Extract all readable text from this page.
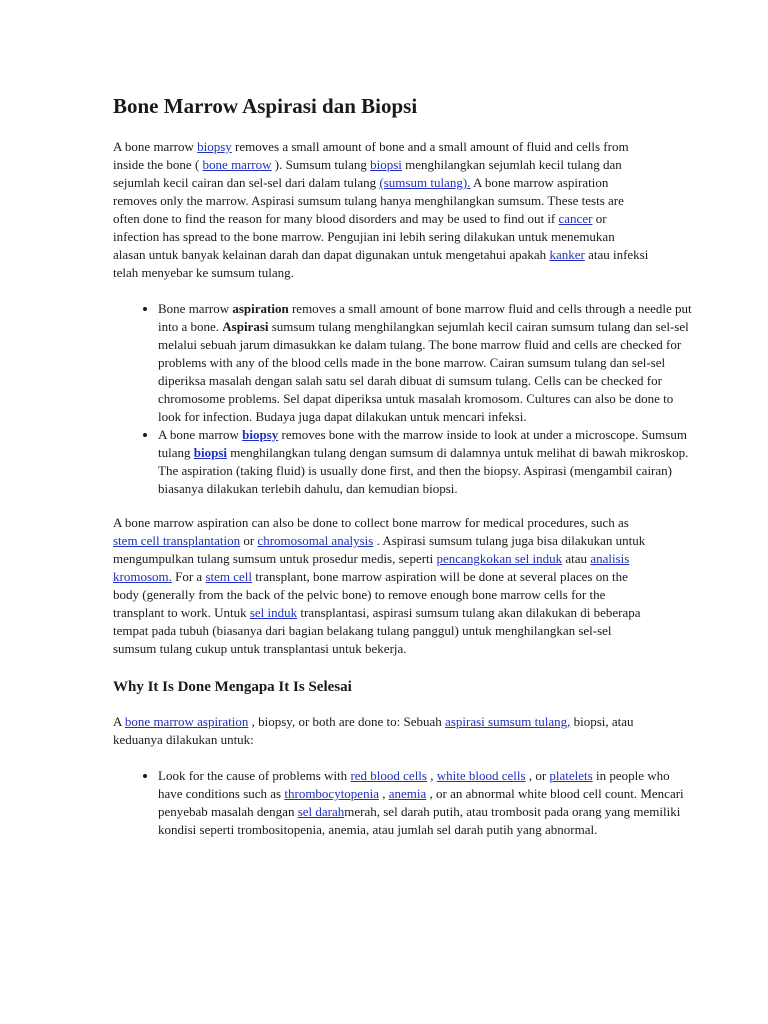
Bone Marrow Aspirasi dan Biopsi

A bone marrow biopsy removes a small amount of bone and a small amount of fluid and cells from inside the bone ( bone marrow ). Sumsum tulang biopsi menghilangkan sejumlah kecil tulang dan sejumlah kecil cairan dan sel-sel dari dalam tulang (sumsum tulang). A bone marrow aspiration removes only the marrow. Aspirasi sumsum tulang hanya menghilangkan sumsum. These tests are often done to find the reason for many blood disorders and may be used to find out if cancer or infection has spread to the bone marrow. Pengujian ini lebih sering dilakukan untuk menemukan alasan untuk banyak kelainan darah dan dapat digunakan untuk mengetahui apakah kanker atau infeksi telah menyebar ke sumsum tulang.

• Bone marrow aspiration removes a small amount of bone marrow fluid and cells through a needle put into a bone. Aspirasi sumsum tulang menghilangkan sejumlah kecil cairan sumsum tulang dan sel-sel melalui sebuah jarum dimasukkan ke dalam tulang. The bone marrow fluid and cells are checked for problems with any of the blood cells made in the bone marrow. Cairan sumsum tulang dan sel-sel diperiksa masalah dengan salah satu sel darah dibuat di sumsum tulang. Cells can be checked for chromosome problems. Sel dapat diperiksa untuk masalah kromosom. Cultures can also be done to look for infection. Budaya juga dapat dilakukan untuk mencari infeksi.
• A bone marrow biopsy removes bone with the marrow inside to look at under a microscope. Sumsum tulang biopsi menghilangkan tulang dengan sumsum di dalamnya untuk melihat di bawah mikroskop. The aspiration (taking fluid) is usually done first, and then the biopsy. Aspirasi (mengambil cairan) biasanya dilakukan terlebih dahulu, dan kemudian biopsi.

A bone marrow aspiration can also be done to collect bone marrow for medical procedures, such as stem cell transplantation or chromosomal analysis . Aspirasi sumsum tulang juga bisa dilakukan untuk mengumpulkan tulang sumsum untuk prosedur medis, seperti pencangkokan sel induk atau analisis kromosom. For a stem cell transplant, bone marrow aspiration will be done at several places on the body (generally from the back of the pelvic bone) to remove enough bone marrow cells for the transplant to work. Untuk sel induk transplantasi, aspirasi sumsum tulang akan dilakukan di beberapa tempat pada tubuh (biasanya dari bagian belakang tulang panggul) untuk menghilangkan sel-sel sumsum tulang cukup untuk transplantasi untuk bekerja.

Why It Is Done Mengapa It Is Selesai

A bone marrow aspiration , biopsy, or both are done to: Sebuah aspirasi sumsum tulang, biopsi, atau keduanya dilakukan untuk:

• Look for the cause of problems with red blood cells , white blood cells , or platelets in people who have conditions such as thrombocytopenia , anemia , or an abnormal white blood cell count. Mencari penyebab masalah dengan sel darahmerah, sel darah putih, atau trombosit pada orang yang memiliki kondisi seperti trombositopenia, anemia, atau jumlah sel darah putih yang abnormal.
